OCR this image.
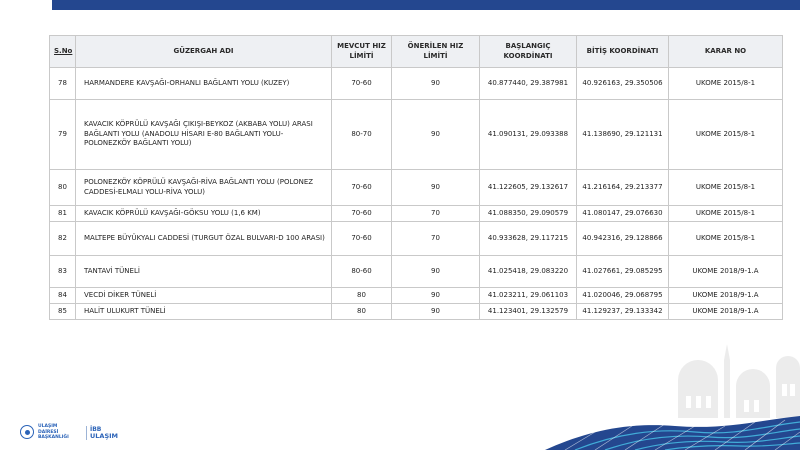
S.No	GÜZERGAH ADI	MEVCUT HIZ LİMİTİ	ÖNERİLEN HIZ LİMİTİ	BAŞLANGIÇ KOORDİNATI	BİTİŞ KOORDİNATI	KARAR NO
78	HARMANDERE KAVŞAĞI-ORHANLI BAĞLANTI YOLU (KUZEY)	70-60	90	40.877440, 29.387981	40.926163, 29.350506	UKOME 2015/8-1
79	KAVACIK KÖPRÜLÜ KAVŞAĞI ÇIKIŞI-BEYKOZ (AKBABA YOLU) ARASI BAĞLANTI YOLU (ANADOLU HİSARI E-80 BAĞLANTI YOLU-POLONEZKÖY BAĞLANTI YOLU)	80-70	90	41.090131, 29.093388	41.138690, 29.121131	UKOME 2015/8-1
80	POLONEZKÖY KÖPRÜLÜ KAVŞAĞI-RİVA BAĞLANTI YOLU (POLONEZ CADDESİ-ELMALI YOLU-RİVA YOLU)	70-60	90	41.122605, 29.132617	41.216164, 29.213377	UKOME 2015/8-1
81	KAVACIK KÖPRÜLÜ KAVŞAĞI-GÖKSU YOLU (1,6 KM)	70-60	70	41.088350, 29.090579	41.080147, 29.076630	UKOME 2015/8-1
82	MALTEPE BÜYÜKYALI CADDESİ (TURGUT ÖZAL BULVARI-D 100 ARASI)	70-60	70	40.933628, 29.117215	40.942316, 29.128866	UKOME 2015/8-1
83	TANTAVİ TÜNELİ	80-60	90	41.025418, 29.083220	41.027661, 29.085295	UKOME 2018/9-1.A
84	VECDİ DİKER TÜNELİ	80	90	41.023211, 29.061103	41.020046, 29.068795	UKOME 2018/9-1.A
85	HALİT ULUKURT TÜNELİ	80	90	41.123401, 29.132579	41.129237, 29.133342	UKOME 2018/9-1.A
ULAŞIM
DAİRESİ
BAŞKANLIĞI
İBB
ULAŞIM
